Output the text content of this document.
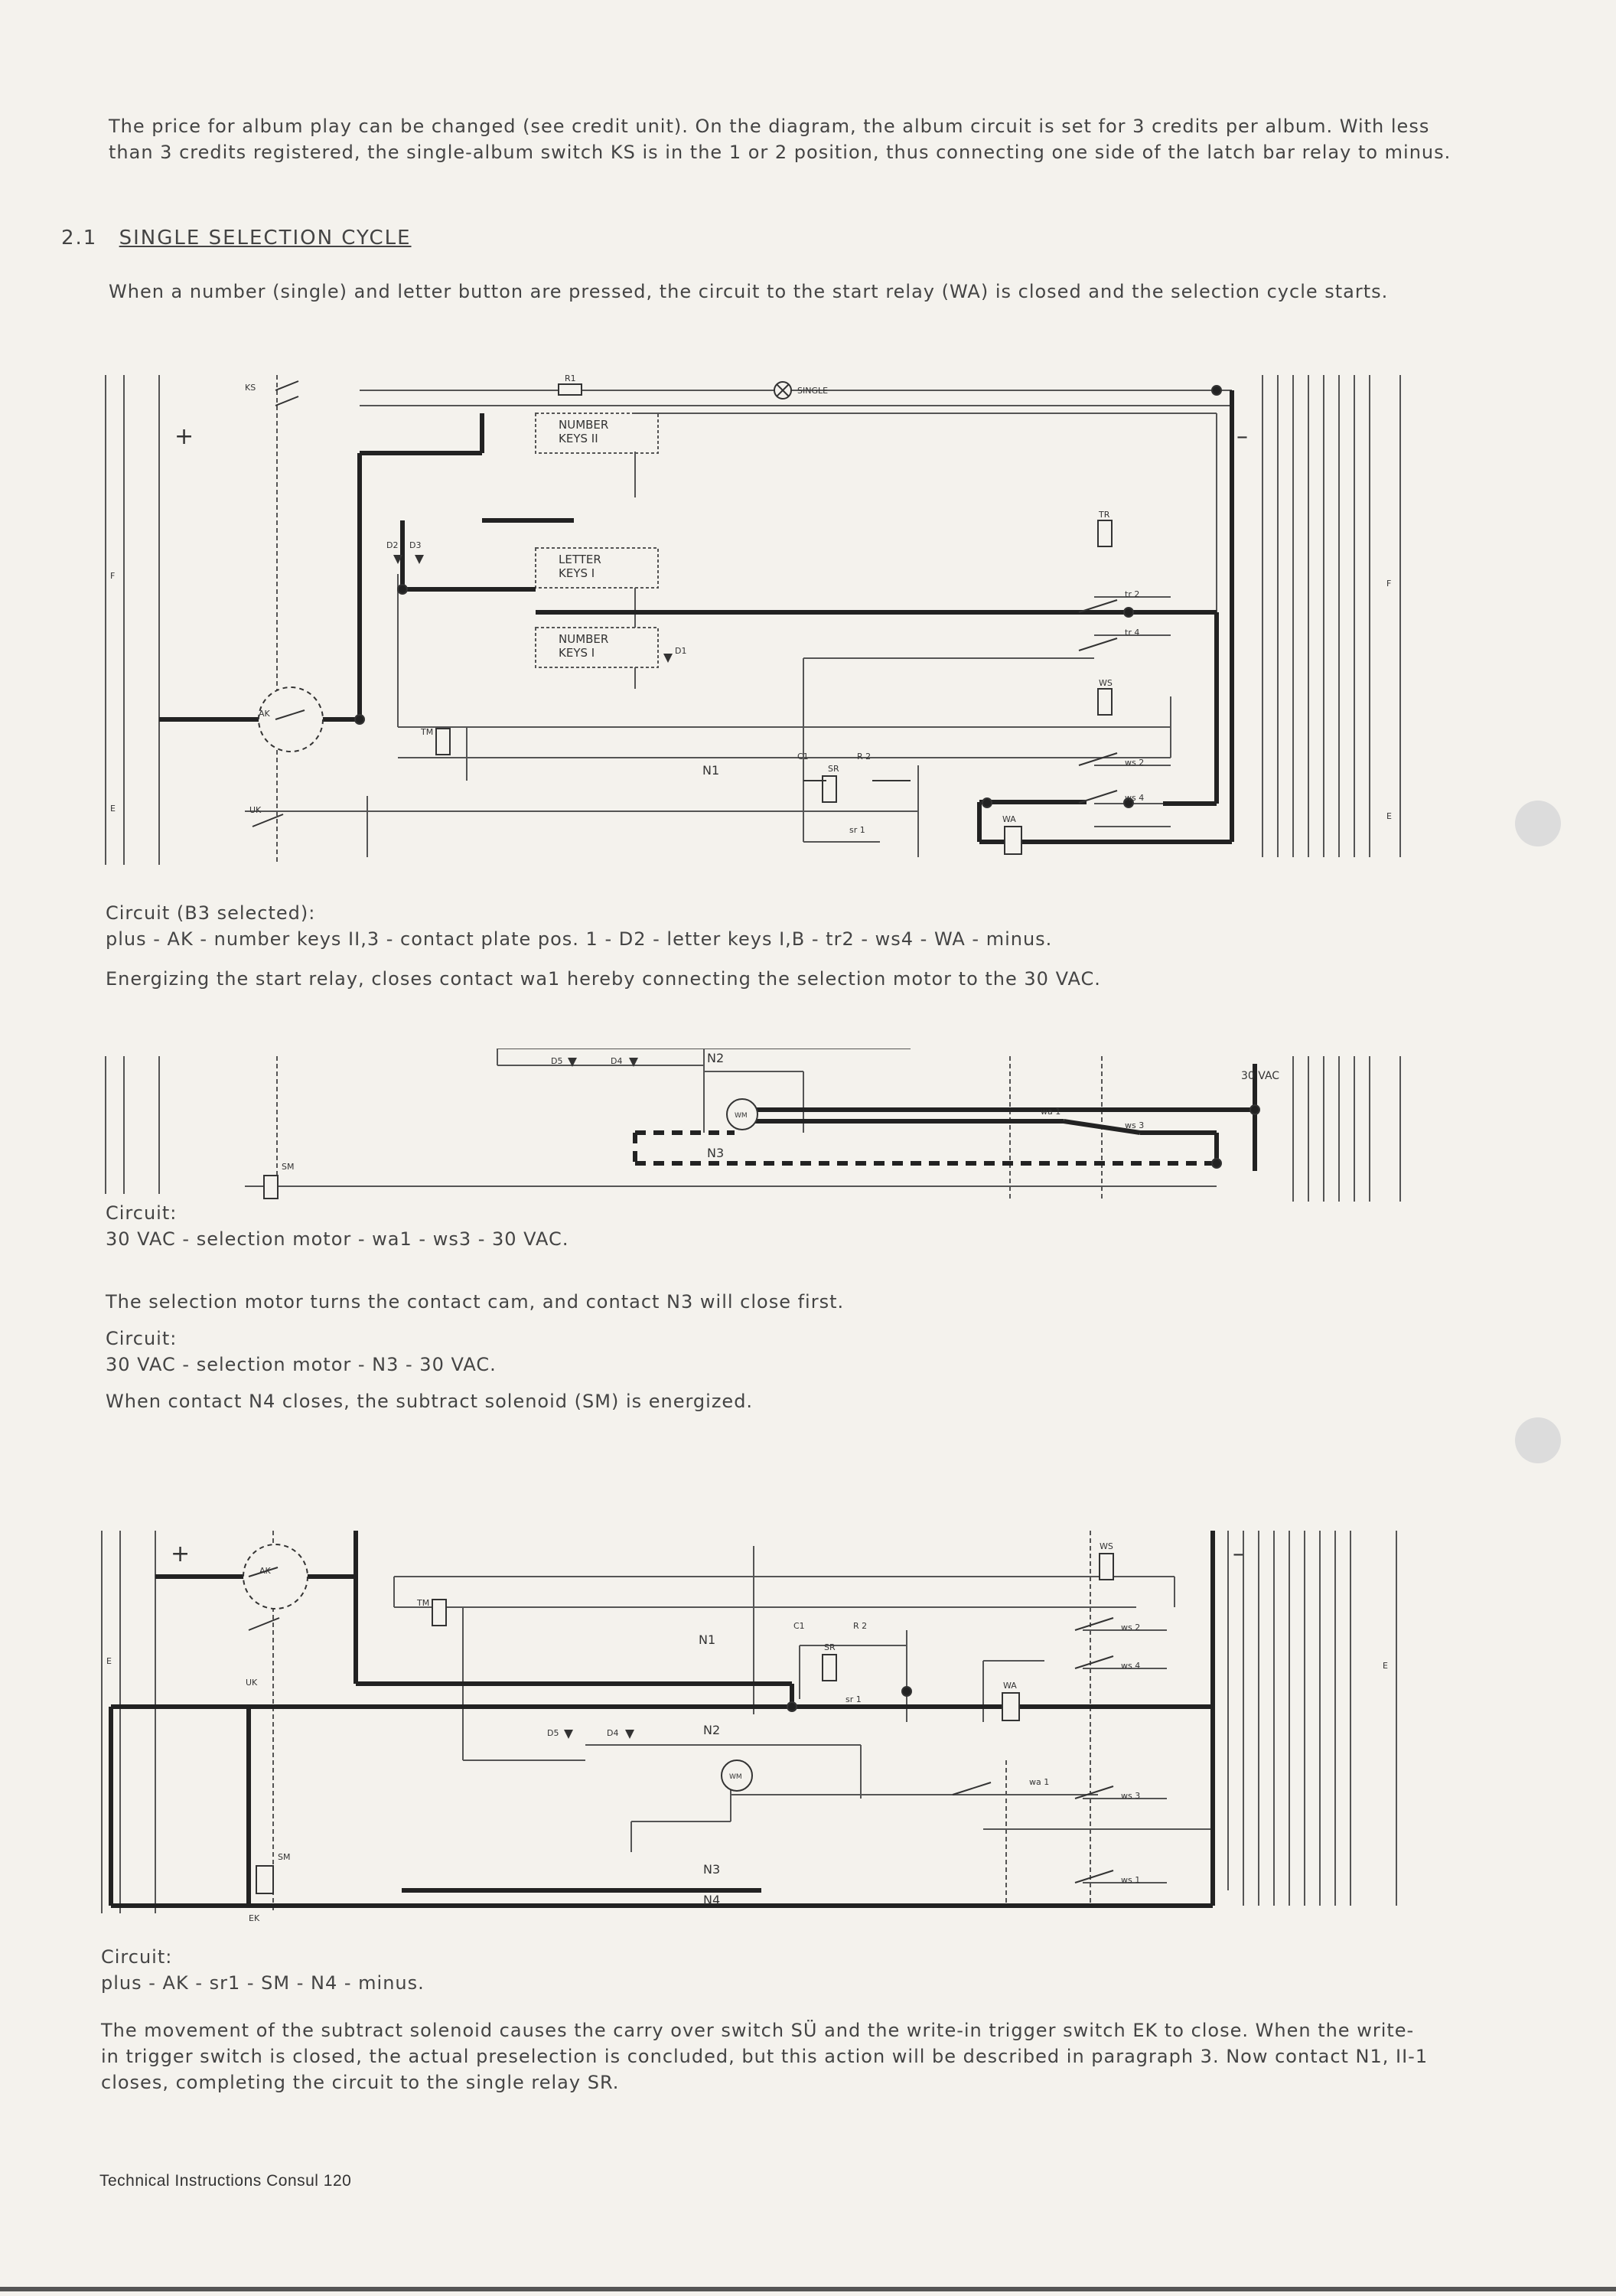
The price for album play can be changed (see credit unit). On the diagram, the album circuit is set for 3 credits per album. With less than 3 credits registered, the single-album switch KS is in the 1 or 2 position, thus connecting one side of the latch bar relay to minus.
2.1 SINGLE SELECTION CYCLE
When a number (single) and letter button are pressed, the circuit to the start relay (WA) is closed and the selection cycle starts.
KS
R1
SINGLE
+	–
NUMBER
KEYS II
LETTER
KEYS I
NUMBER
KEYS I
D2 D3
D1
TR
tr 2
tr 4
WS
ws 2
ws 4
WA
AK
TM
N1
C1	R 2
SR
sr 1
UK
F
F
E
E
Circuit (B3 selected):
plus - AK - number keys II,3 - contact plate pos. 1 - D2 - letter keys I,B - tr2 - ws4 - WA - minus.
Energizing the start relay, closes contact wa1 hereby connecting the selection motor to the 30 VAC.
D5	D4	N2
N3
WM	wa 1
ws 3
SM
30 VAC
Circuit:
30 VAC - selection motor - wa1 - ws3 - 30 VAC.
The selection motor turns the contact cam, and contact N3 will close first.
Circuit:
30 VAC - selection motor - N3 - 30 VAC.
When contact N4 closes, the subtract solenoid (SM) is energized.
+	–
AK
TM
N1
C1	R 2
SR
sr 1
UK
D5	D4	N2
N3
N4
WM	wa 1
WS
ws 2
ws 4
ws 3
ws 1
WA
SM
EK
E	E
Circuit:
plus - AK - sr1 - SM - N4 - minus.
The movement of the subtract solenoid causes the carry over switch SÜ and the write-in trigger switch EK to close. When the write-in trigger switch is closed, the actual preselection is concluded, but this action will be described in paragraph 3. Now contact N1, II-1 closes, completing the circuit to the single relay SR.
Technical Instructions Consul 120
